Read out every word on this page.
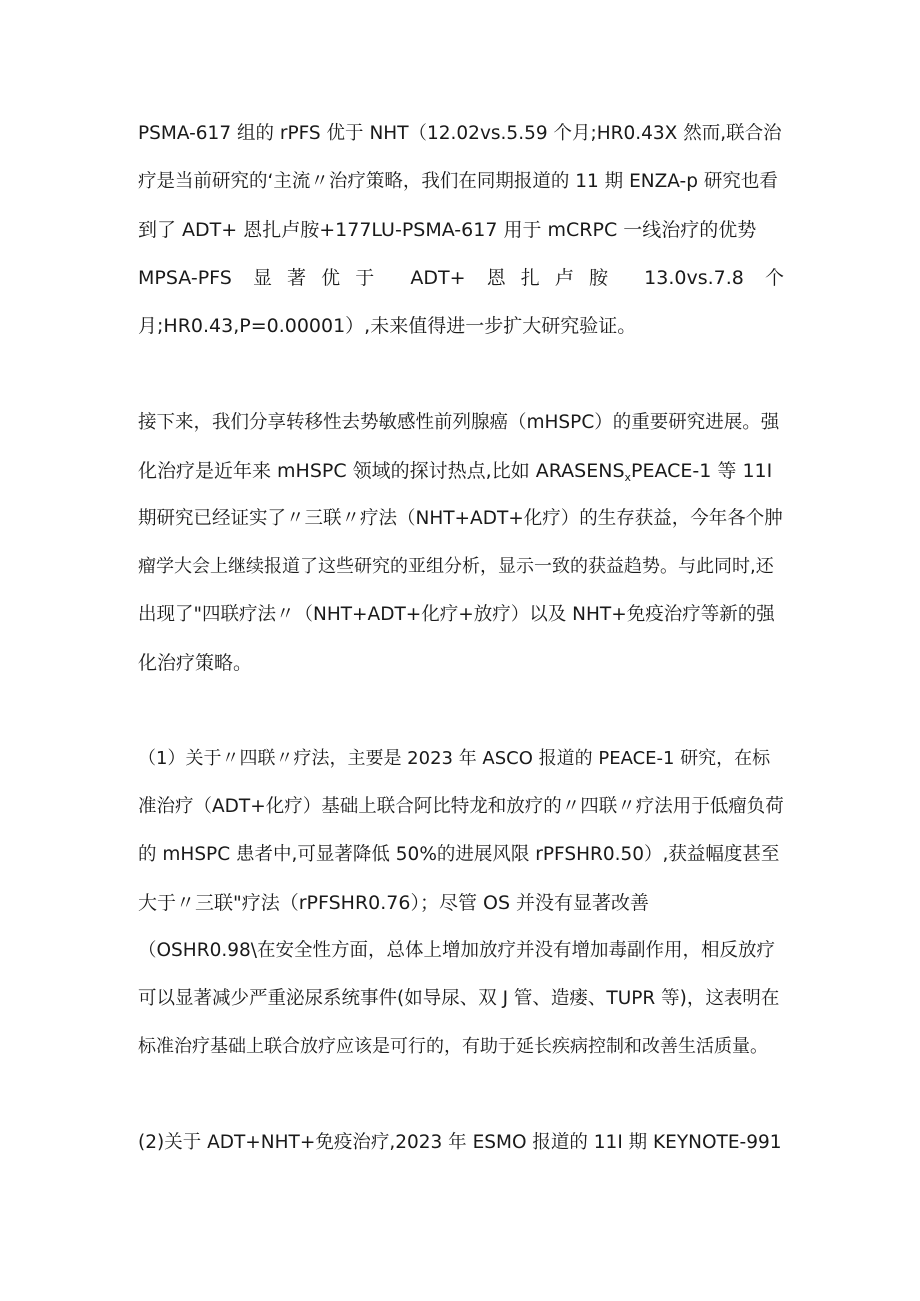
PSMA-617 组的 rPFS 优于 NHT（12.02vs.5.59 个月;HR0.43X 然而,联合治
疗是当前研究的‘主流〃治疗策略，我们在同期报道的 11 期 ENZA-p 研究也看
到了 ADT+ 恩扎卢胺+177LU-PSMA-617 用于 mCRPC 一线治疗的优势
MPSA-PFS 显著优于 ADT+ 恩扎卢胺 13.0vs.7.8 个
月;HR0.43,P=0.00001）,未来值得进一步扩大研究验证。
接下来，我们分享转移性去势敏感性前列腺癌（mHSPC）的重要研究进展。强
化治疗是近年来 mHSPC 领域的探讨热点,比如 $ARASENS_xPEACE-1$ 等 11I
期研究已经证实了〃三联〃疗法（NHT+ADT+化疗）的生存获益，今年各个肿
瘤学大会上继续报道了这些研究的亚组分析，显示一致的获益趋势。与此同时,还
出现了"四联疗法〃（NHT+ADT+化疗+放疗）以及 NHT+免疫治疗等新的强
化治疗策略。
（1）关于〃四联〃疗法，主要是 2023 年 ASCO 报道的 PEACE-1 研究，在标
准治疗（ADT+化疗）基础上联合阿比特龙和放疗的〃四联〃疗法用于低瘤负荷
的 mHSPC 患者中,可显著降低 50%的进展风限 rPFSHR0.50）,获益幅度甚至
大于〃三联"疗法（rPFSHR0.76）；尽管 OS 并没有显著改善
（OSHR0.98\在安全性方面，总体上增加放疗并没有增加毒副作用，相反放疗
可以显著减少严重泌尿系统事件(如导尿、双 J 管、造瘘、TUPR 等)，这表明在
标准治疗基础上联合放疗应该是可行的，有助于延长疾病控制和改善生活质量。
(2)关于 ADT+NHT+免疫治疗,2023 年 ESMO 报道的 11I 期 KEYNOTE-991
